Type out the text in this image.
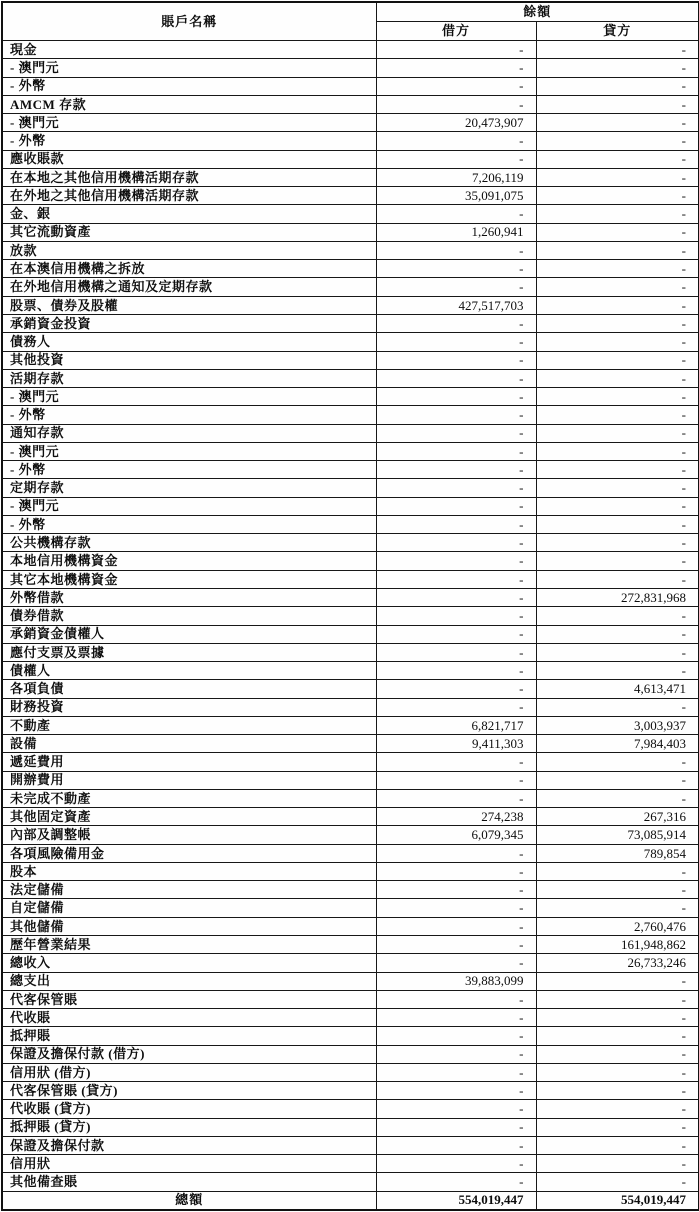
賬戶名稱	餘額	
	借方	貸方
現金	-	-
- 澳門元	-	-
- 外幣	-	-
AMCM 存款	-	-
- 澳門元	20,473,907	-
- 外幣	-	-
應收賬款	-	-
在本地之其他信用機構活期存款	7,206,119	-
在外地之其他信用機構活期存款	35,091,075	-
金、銀	-	-
其它流動資產	1,260,941	-
放款	-	-
在本澳信用機構之拆放	-	-
在外地信用機構之通知及定期存款	-	-
股票、債券及股權	427,517,703	-
承銷資金投資	-	-
債務人	-	-
其他投資	-	-
活期存款	-	-
- 澳門元	-	-
- 外幣	-	-
通知存款	-	-
- 澳門元	-	-
- 外幣	-	-
定期存款	-	-
- 澳門元	-	-
- 外幣	-	-
公共機構存款	-	-
本地信用機構資金	-	-
其它本地機構資金	-	-
外幣借款	-	272,831,968
債券借款	-	-
承銷資金債權人	-	-
應付支票及票據	-	-
債權人	-	-
各項負債	-	4,613,471
財務投資	-	-
不動產	6,821,717	3,003,937
設備	9,411,303	7,984,403
遞延費用	-	-
開辦費用	-	-
未完成不動產	-	-
其他固定資產	274,238	267,316
內部及調整帳	6,079,345	73,085,914
各項風險備用金	-	789,854
股本	-	-
法定儲備	-	-
自定儲備	-	-
其他儲備	-	2,760,476
歷年營業結果	-	161,948,862
總收入	-	26,733,246
總支出	39,883,099	-
代客保管賬	-	-
代收賬	-	-
抵押賬	-	-
保證及擔保付款 (借方)	-	-
信用狀 (借方)	-	-
代客保管賬 (貸方)	-	-
代收賬 (貸方)	-	-
抵押賬 (貸方)	-	-
保證及擔保付款	-	-
信用狀	-	-
其他備查賬	-	-
總額	554,019,447	554,019,447
